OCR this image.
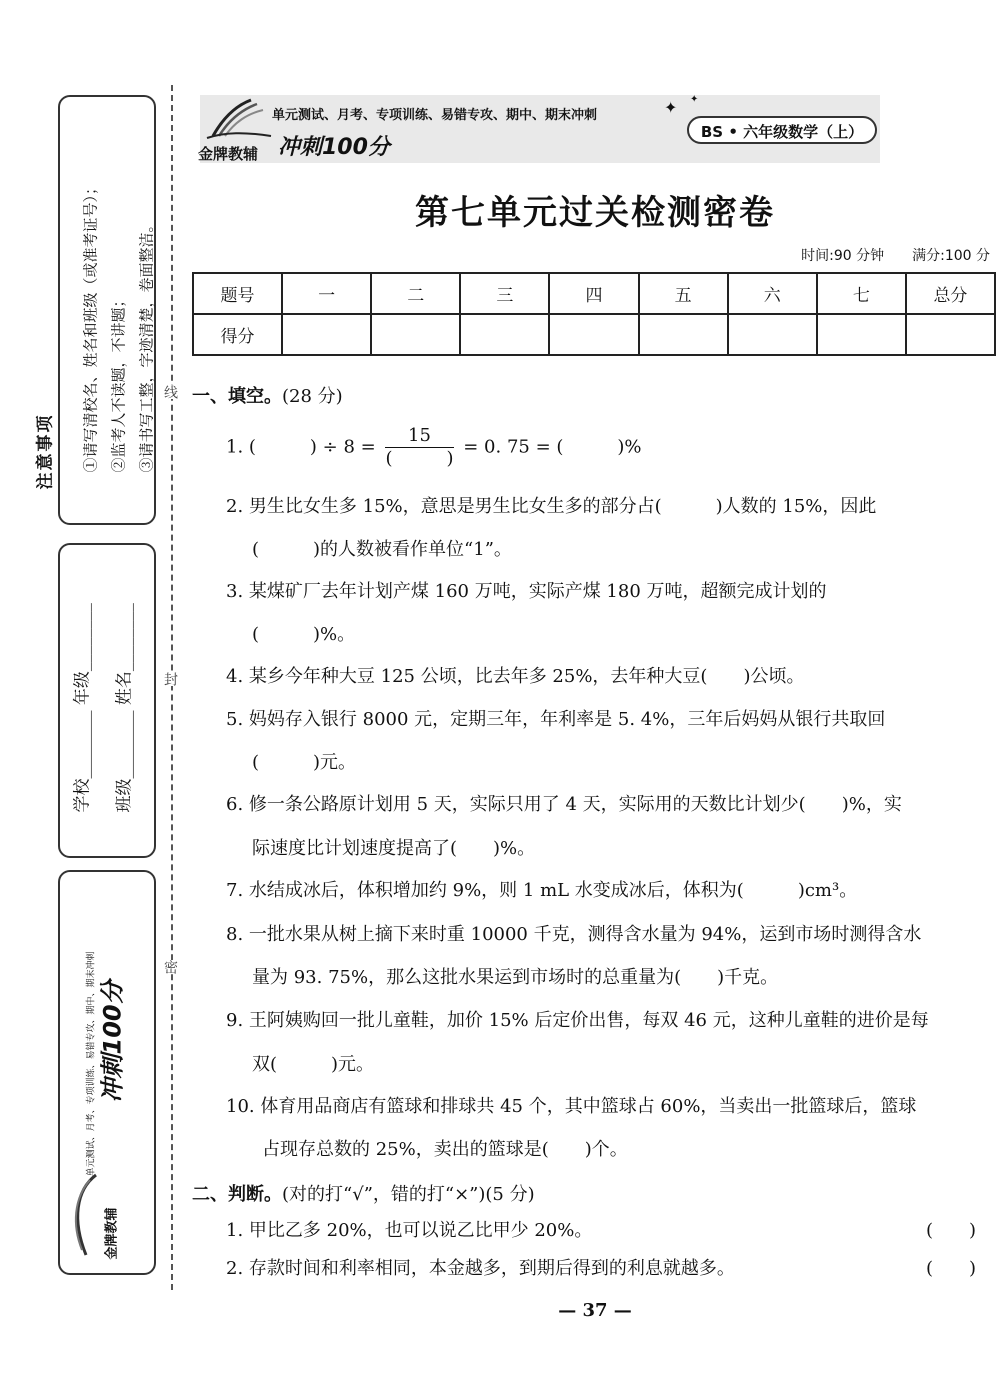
注意事项 ①请写清校名、姓名和班级（或准考证号）； ②监考人不读题，不讲题； ③请书写工整，字迹清楚，卷面整洁。
学校________ 年级________
班级________ 姓名________
单元测试、月考、专项训练、易错专攻、期中、期末冲刺 冲刺100分
金牌教辅
线
封
密
金牌教辅
单元测试、月考、专项训练、易错专攻、期中、期末冲刺
冲刺100分
✦ ✦
BS • 六年级数学（上）
第七单元过关检测密卷
时间:90 分钟　　满分:100 分
题号	一	二	三	四	五	六	七	总分
得分								
一、填空。(28 分)
1. (　　　) ÷ $8 = \frac{15}{( )} = 0$. 75 = (　　　)%
2. 男生比女生多 15%，意思是男生比女生多的部分占(　　　)人数的 15%，因此
(　　　)的人数被看作单位“1”。
3. 某煤矿厂去年计划产煤 160 万吨，实际产煤 180 万吨，超额完成计划的
(　　　)%。
4. 某乡今年种大豆 125 公顷，比去年多 25%，去年种大豆(　　)公顷。
5. 妈妈存入银行 8000 元，定期三年，年利率是 5. 4%，三年后妈妈从银行共取回
(　　　)元。
6. 修一条公路原计划用 5 天，实际只用了 4 天，实际用的天数比计划少(　　)%，实
际速度比计划速度提高了(　　)%。
7. 水结成冰后，体积增加约 9%，则 1 mL 水变成冰后，体积为(　　　)cm³。
8. 一批水果从树上摘下来时重 10000 千克，测得含水量为 94%，运到市场时测得含水
量为 93. 75%，那么这批水果运到市场时的总重量为(　　)千克。
9. 王阿姨购回一批儿童鞋，加价 15% 后定价出售，每双 46 元，这种儿童鞋的进价是每
双(　　　)元。
10. 体育用品商店有篮球和排球共 45 个，其中篮球占 60%，当卖出一批篮球后，篮球
占现存总数的 25%，卖出的篮球是(　　)个。
二、判断。(对的打“√”，错的打“×”)(5 分)
1. 甲比乙多 20%，也可以说乙比甲少 20%。	(　　)
2. 存款时间和利率相同，本金越多，到期后得到的利息就越多。	(　　)
— 37 —
